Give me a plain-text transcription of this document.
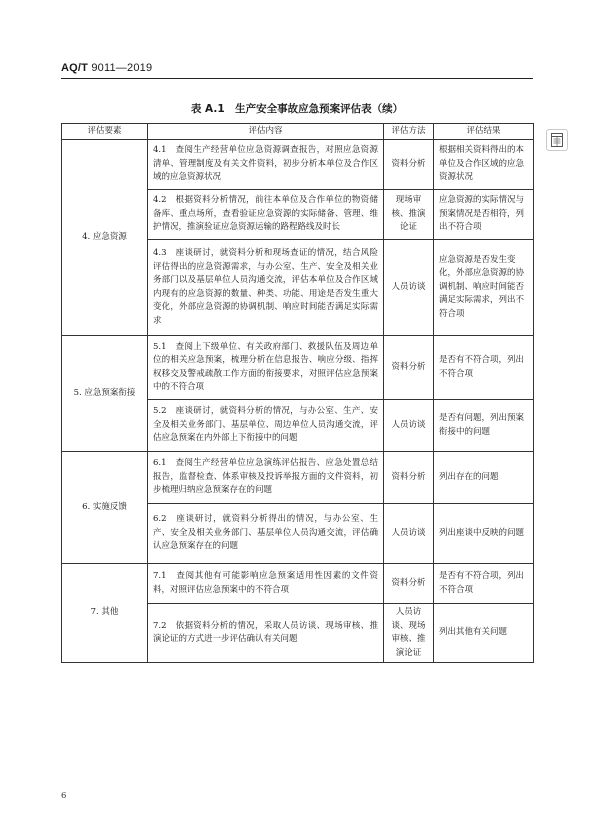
AQ/T 9011—2019
表 A.1　生产安全事故应急预案评估表（续）
评估要素	评估内容	评估方法	评估结果
4. 应急资源	4.1　查阅生产经营单位应急资源调查报告，对照应急资源清单、管理制度及有关文件资料，初步分析本单位及合作区域的应急资源状况	资料分析	根据相关资料得出的本单位及合作区域的应急资源状况
	4.2　根据资料分析情况，前往本单位及合作单位的物资储备库、重点场所，查看验证应急资源的实际储备、管理、维护情况，推演验证应急资源运输的路程路线及时长	现场审核、推演论证	应急资源的实际情况与预案情况是否相符，列出不符合项
	4.3　座谈研讨，就资料分析和现场查证的情况，结合风险评估得出的应急资源需求，与办公室、生产、安全及相关业务部门以及基层单位人员沟通交流，评估本单位及合作区域内现有的应急资源的数量、种类、功能、用途是否发生重大变化，外部应急资源的协调机制、响应时间能否满足实际需求	人员访谈	应急资源是否发生变化，外部应急资源的协调机制、响应时间能否满足实际需求，列出不符合项
5. 应急预案衔接	5.1　查阅上下级单位、有关政府部门、救援队伍及周边单位的相关应急预案，梳理分析在信息报告、响应分级、指挥权移交及警戒疏散工作方面的衔接要求，对照评估应急预案中的不符合项	资料分析	是否有不符合项，列出不符合项
	5.2　座谈研讨，就资料分析的情况，与办公室、生产、安全及相关业务部门、基层单位、周边单位人员沟通交流，评估应急预案在内外部上下衔接中的问题	人员访谈	是否有问题，列出预案衔接中的问题
6. 实施反馈	6.1　查阅生产经营单位应急演练评估报告、应急处置总结报告，监督检查、体系审核及投诉举报方面的文件资料，初步梳理归纳应急预案存在的问题	资料分析	列出存在的问题
	6.2　座谈研讨，就资料分析得出的情况，与办公室、生产、安全及相关业务部门、基层单位人员沟通交流，评估确认应急预案存在的问题	人员访谈	列出座谈中反映的问题
7. 其他	7.1　查阅其他有可能影响应急预案适用性因素的文件资料，对照评估应急预案中的不符合项	资料分析	是否有不符合项，列出不符合项
	7.2　依据资料分析的情况，采取人员访谈、现场审核、推演论证的方式进一步评估确认有关问题	人员访谈、现场审核、推演论证	列出其他有关问题
6
